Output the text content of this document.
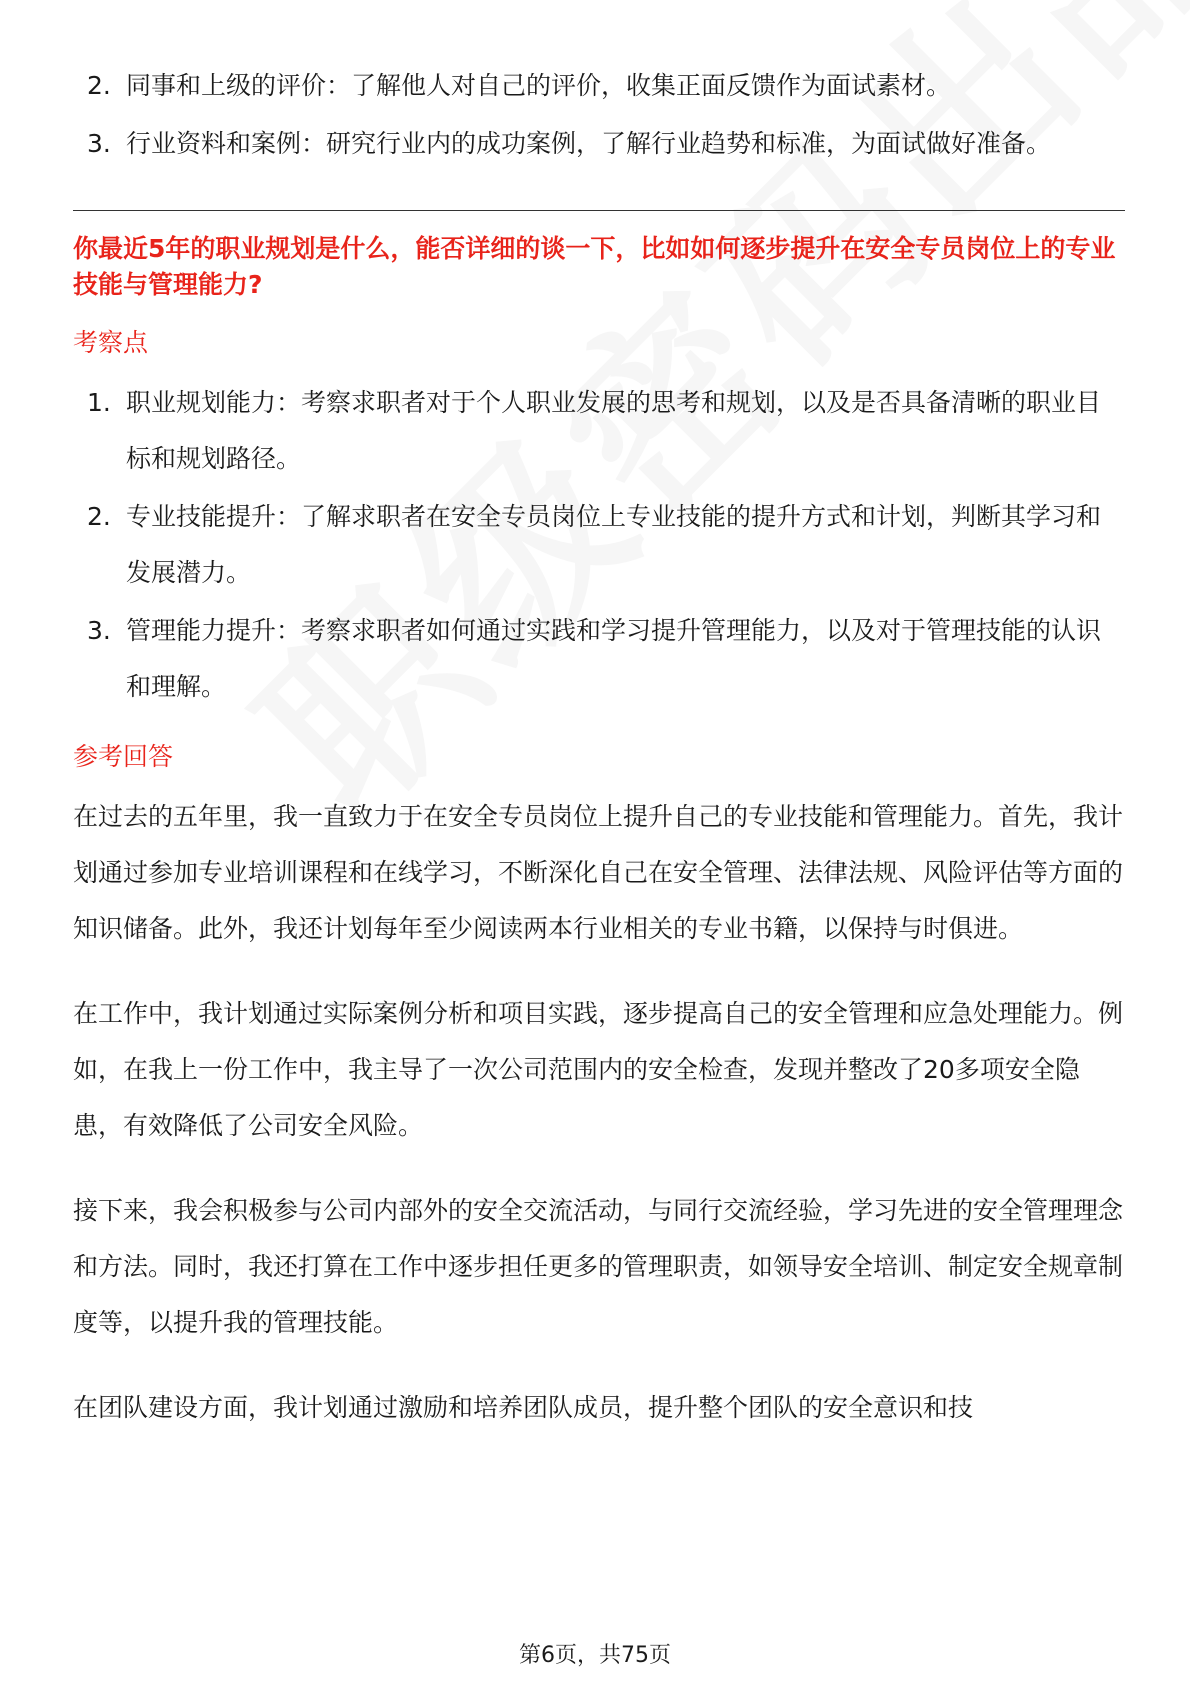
2. 同事和上级的评价：了解他人对自己的评价，收集正面反馈作为面试素材。
3. 行业资料和案例：研究行业内的成功案例，了解行业趋势和标准，为面试做好准备。
你最近5年的职业规划是什么，能否详细的谈一下，比如如何逐步提升在安全专员岗位上的专业技能与管理能力?
考察点
1. 职业规划能力：考察求职者对于个人职业发展的思考和规划，以及是否具备清晰的职业目标和规划路径。
2. 专业技能提升：了解求职者在安全专员岗位上专业技能的提升方式和计划，判断其学习和发展潜力。
3. 管理能力提升：考察求职者如何通过实践和学习提升管理能力，以及对于管理技能的认识和理解。
参考回答

在过去的五年里，我一直致力于在安全专员岗位上提升自己的专业技能和管理能力。首先，我计划通过参加专业培训课程和在线学习，不断深化自己在安全管理、法律法规、风险评估等方面的知识储备。此外，我还计划每年至少阅读两本行业相关的专业书籍，以保持与时俱进。

在工作中，我计划通过实际案例分析和项目实践，逐步提高自己的安全管理和应急处理能力。例如，在我上一份工作中，我主导了一次公司范围内的安全检查，发现并整改了20多项安全隐患，有效降低了公司安全风险。

接下来，我会积极参与公司内部外的安全交流活动，与同行交流经验，学习先进的安全管理理念和方法。同时，我还打算在工作中逐步担任更多的管理职责，如领导安全培训、制定安全规章制度等，以提升我的管理技能。

在团队建设方面，我计划通过激励和培养团队成员，提升整个团队的安全意识和技

第6页，共75页
